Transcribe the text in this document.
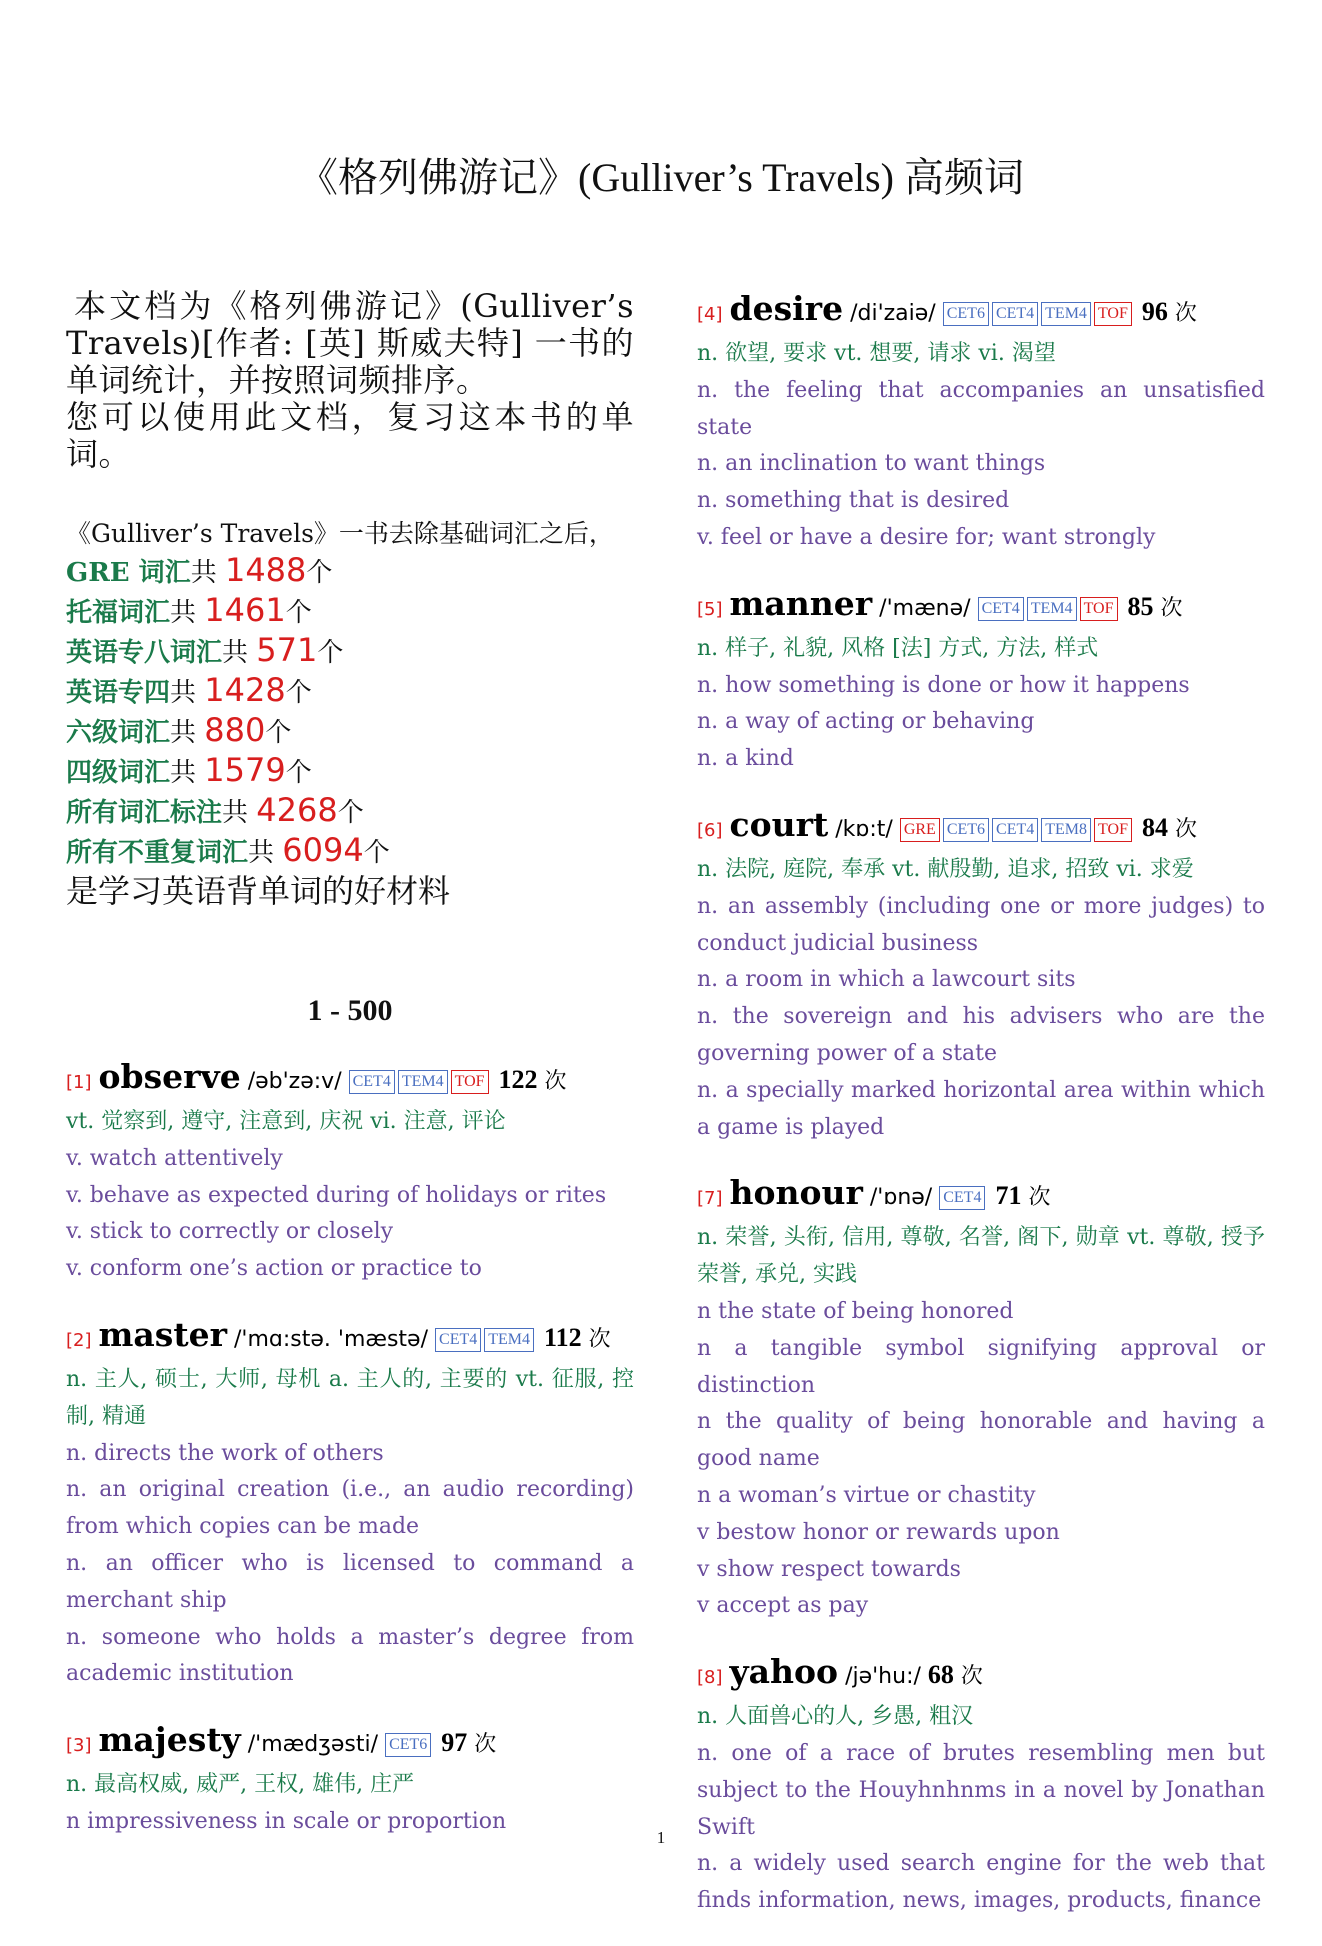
《格列佛游记》(Gulliver’s Travels) 高频词

本文档为《格列佛游记》(Gulliver’s Travels)[作者: [英] 斯威夫特] 一书的单词统计，并按照词频排序。

您可以使用此文档，复习这本书的单词。

《Gulliver’s Travels》一书去除基础词汇之后，
GRE 词汇共 1488个
托福词汇共 1461个
英语专八词汇共 571个
英语专四共 1428个
六级词汇共 880个
四级词汇共 1579个
所有词汇标注共 4268个
所有不重复词汇共 6094个
是学习英语背单词的好材料
1 - 500
[1] observe /əb'zə:v/ CET4 TEM4 TOF 122 次
vt. 觉察到, 遵守, 注意到, 庆祝 vi. 注意, 评论
v. watch attentively
v. behave as expected during of holidays or rites
v. stick to correctly or closely
v. conform one’s action or practice to
[2] master /'mɑ:stə. 'mæstə/ CET4 TEM4 112 次
n. 主人, 硕士, 大师, 母机 a. 主人的, 主要的 vt. 征服, 控制, 精通
n. directs the work of others
n. an original creation (i.e., an audio recording) from which copies can be made
n. an officer who is licensed to command a merchant ship
n. someone who holds a master’s degree from academic institution
[3] majesty /'mædʒəsti/ CET6 97 次
n. 最高权威, 威严, 王权, 雄伟, 庄严
n impressiveness in scale or proportion
[4] desire /di'zaiə/ CET6 CET4 TEM4 TOF 96 次
n. 欲望, 要求 vt. 想要, 请求 vi. 渴望
n. the feeling that accompanies an unsatisfied state
n. an inclination to want things
n. something that is desired
v. feel or have a desire for; want strongly
[5] manner /'mænə/ CET4 TEM4 TOF 85 次
n. 样子, 礼貌, 风格 [法] 方式, 方法, 样式
n. how something is done or how it happens
n. a way of acting or behaving
n. a kind
[6] court /kɒ:t/ GRE CET6 CET4 TEM8 TOF 84 次
n. 法院, 庭院, 奉承 vt. 献殷勤, 追求, 招致 vi. 求爱
n. an assembly (including one or more judges) to conduct judicial business
n. a room in which a lawcourt sits
n. the sovereign and his advisers who are the governing power of a state
n. a specially marked horizontal area within which a game is played
[7] honour /'ɒnə/ CET4 71 次
n. 荣誉, 头衔, 信用, 尊敬, 名誉, 阁下, 勋章 vt. 尊敬, 授予荣誉, 承兑, 实践
n the state of being honored
n a tangible symbol signifying approval or distinction
n the quality of being honorable and having a good name
n a woman’s virtue or chastity
v bestow honor or rewards upon
v show respect towards
v accept as pay
[8] yahoo /jə'hu:/ 68 次
n. 人面兽心的人, 乡愚, 粗汉
n. one of a race of brutes resembling men but subject to the Houyhnhnms in a novel by Jonathan Swift
n. a widely used search engine for the web that finds information, news, images, products, finance
1
